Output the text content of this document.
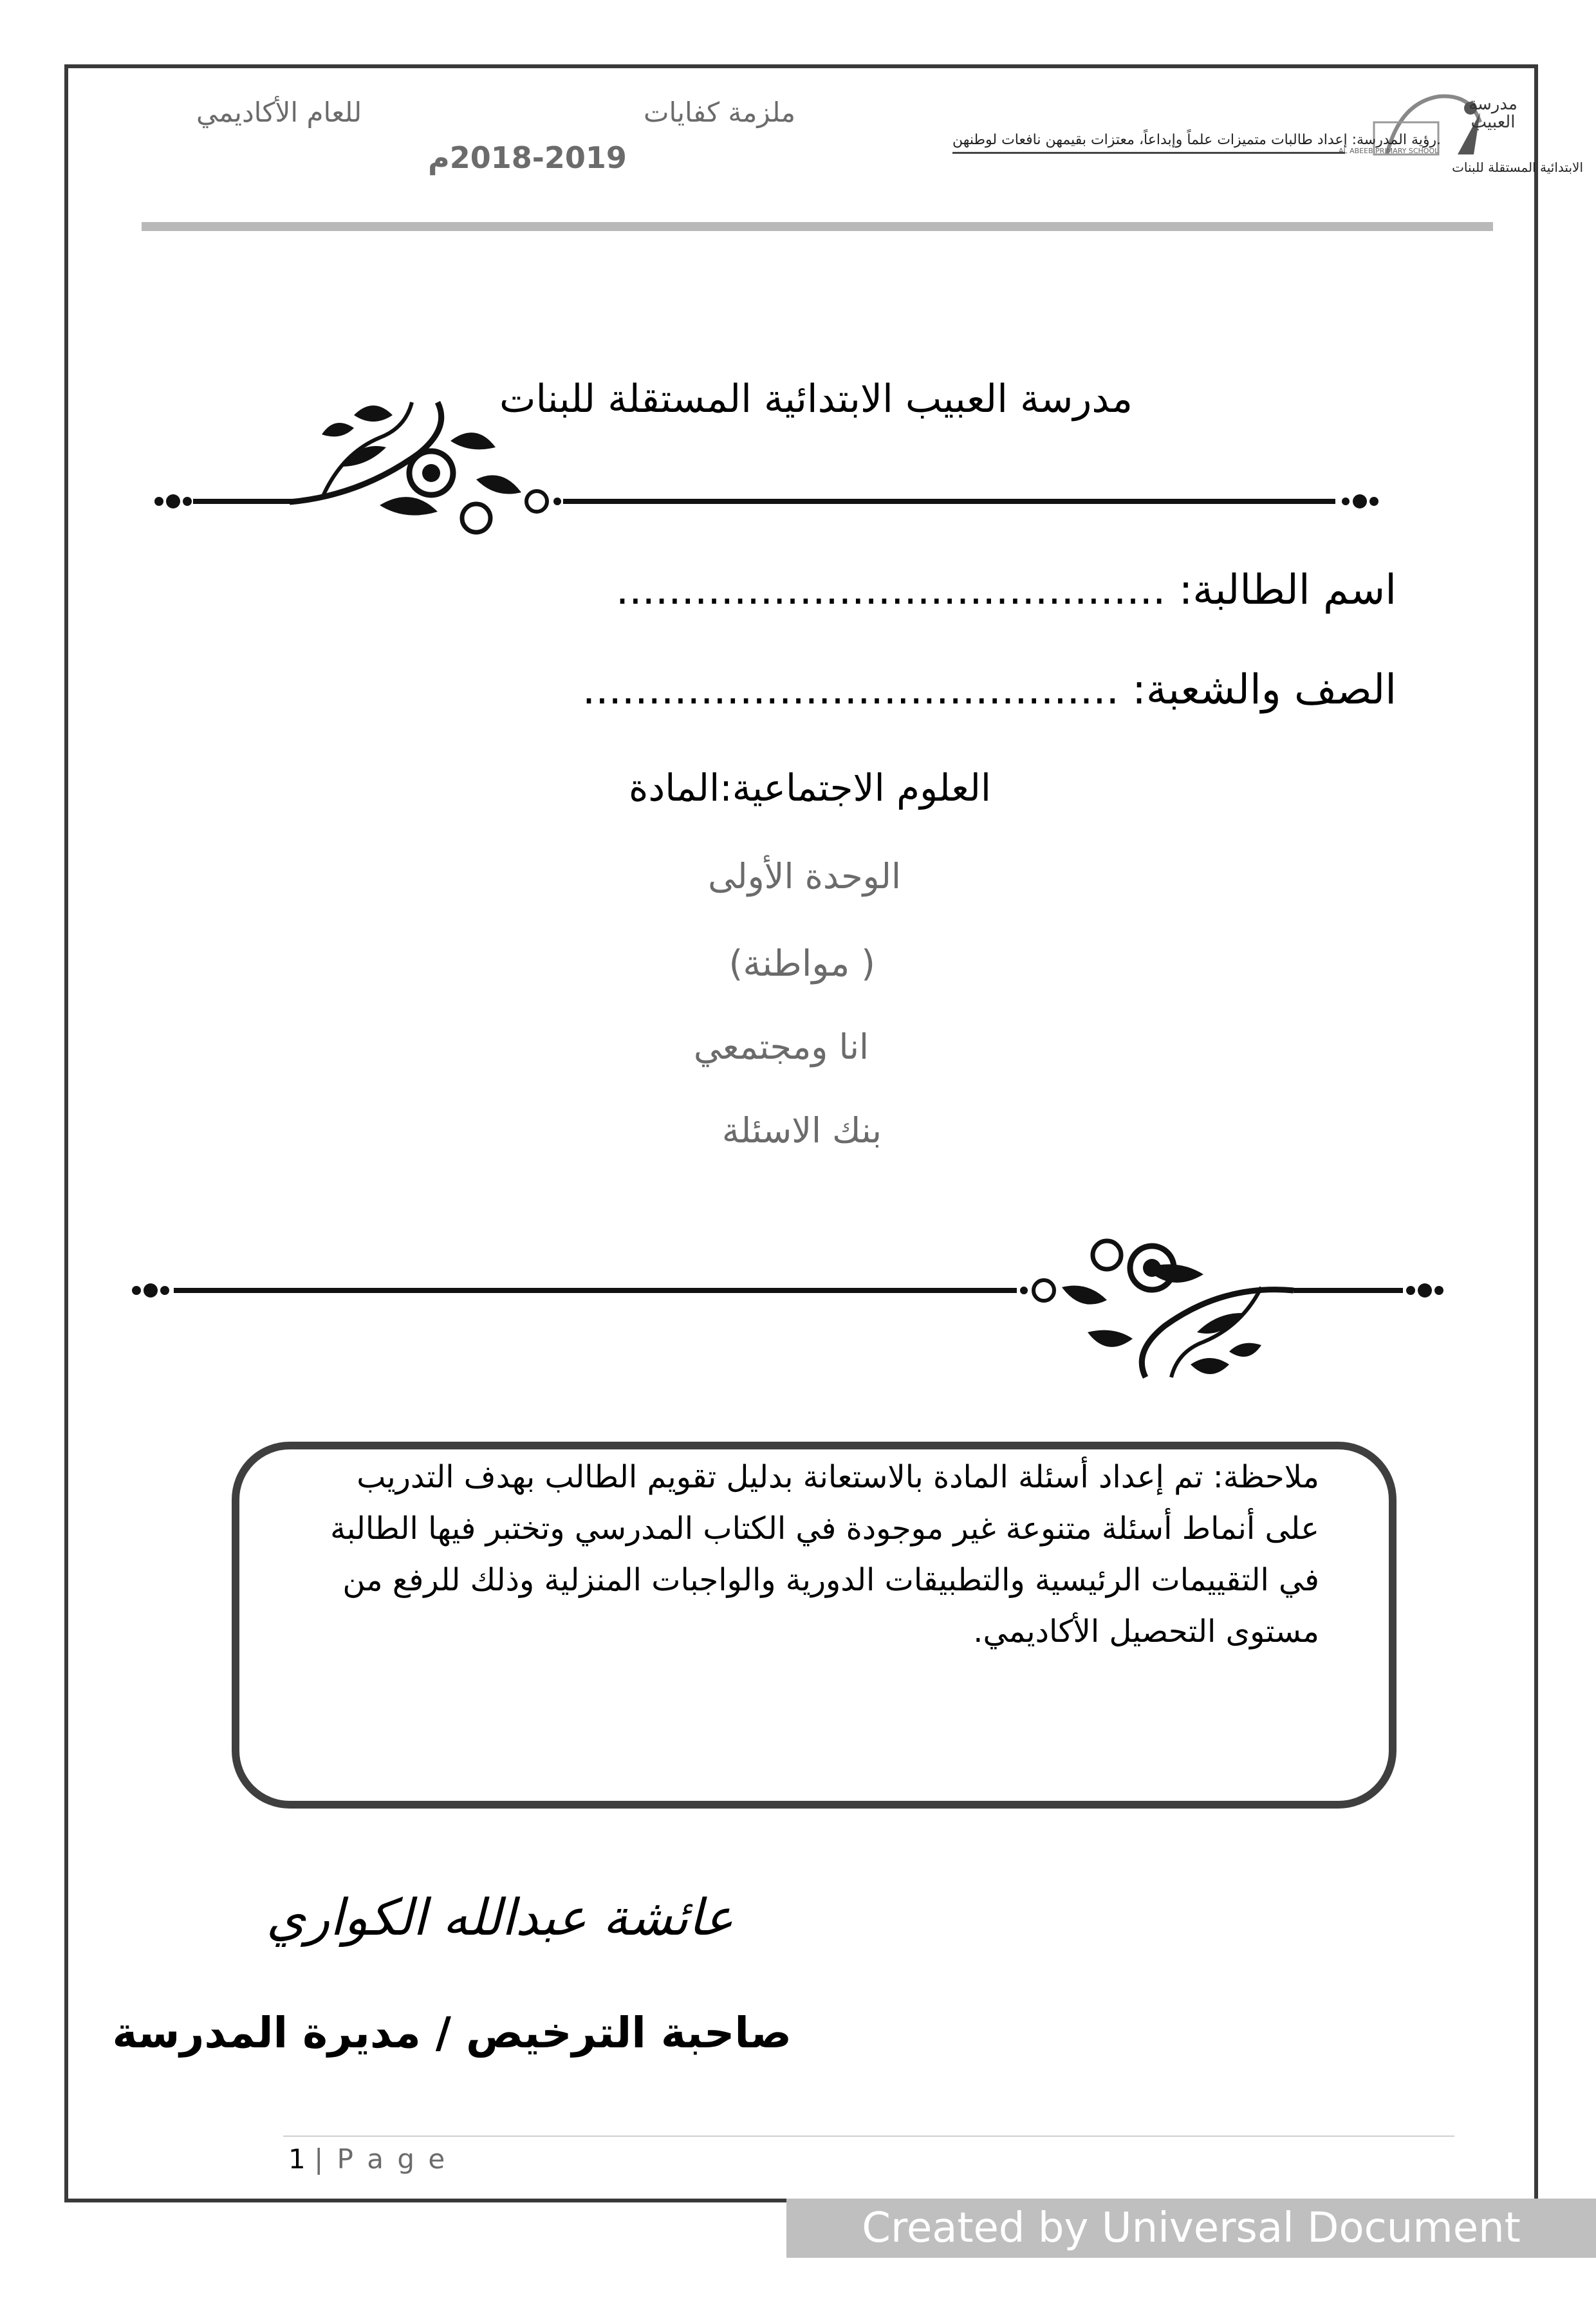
للعام الأكاديمي	ملزمة كفايات
2018-2019م
مدرسة العبيب
AL ABEEB PRIMARY SCHOOL
الابتدائية المستقلة للبنات
رؤية المدرسة: إعداد طالبات متميزات علماً وإبداعاً، معتزات بقيمهن نافعات لوطنهن.
مدرسة العبيب الابتدائية المستقلة للبنات
اسم الطالبة: ..........................................
الصف والشعبة: .........................................
العلوم الاجتماعية:المادة
الوحدة الأولى
( مواطنة)
انا ومجتمعي
بنك الاسئلة
ملاحظة: تم إعداد أسئلة المادة بالاستعانة بدليل تقويم الطالب بهدف التدريب على أنماط أسئلة متنوعة غير موجودة في الكتاب المدرسي وتختبر فيها الطالبة في التقييمات الرئيسية والتطبيقات الدورية والواجبات المنزلية وذلك للرفع من مستوى التحصيل الأكاديمي.
عائشة عبدالله الكواري
صاحبة الترخيص / مديرة المدرسة
1 | P a g e
Created by Universal Document Converter
